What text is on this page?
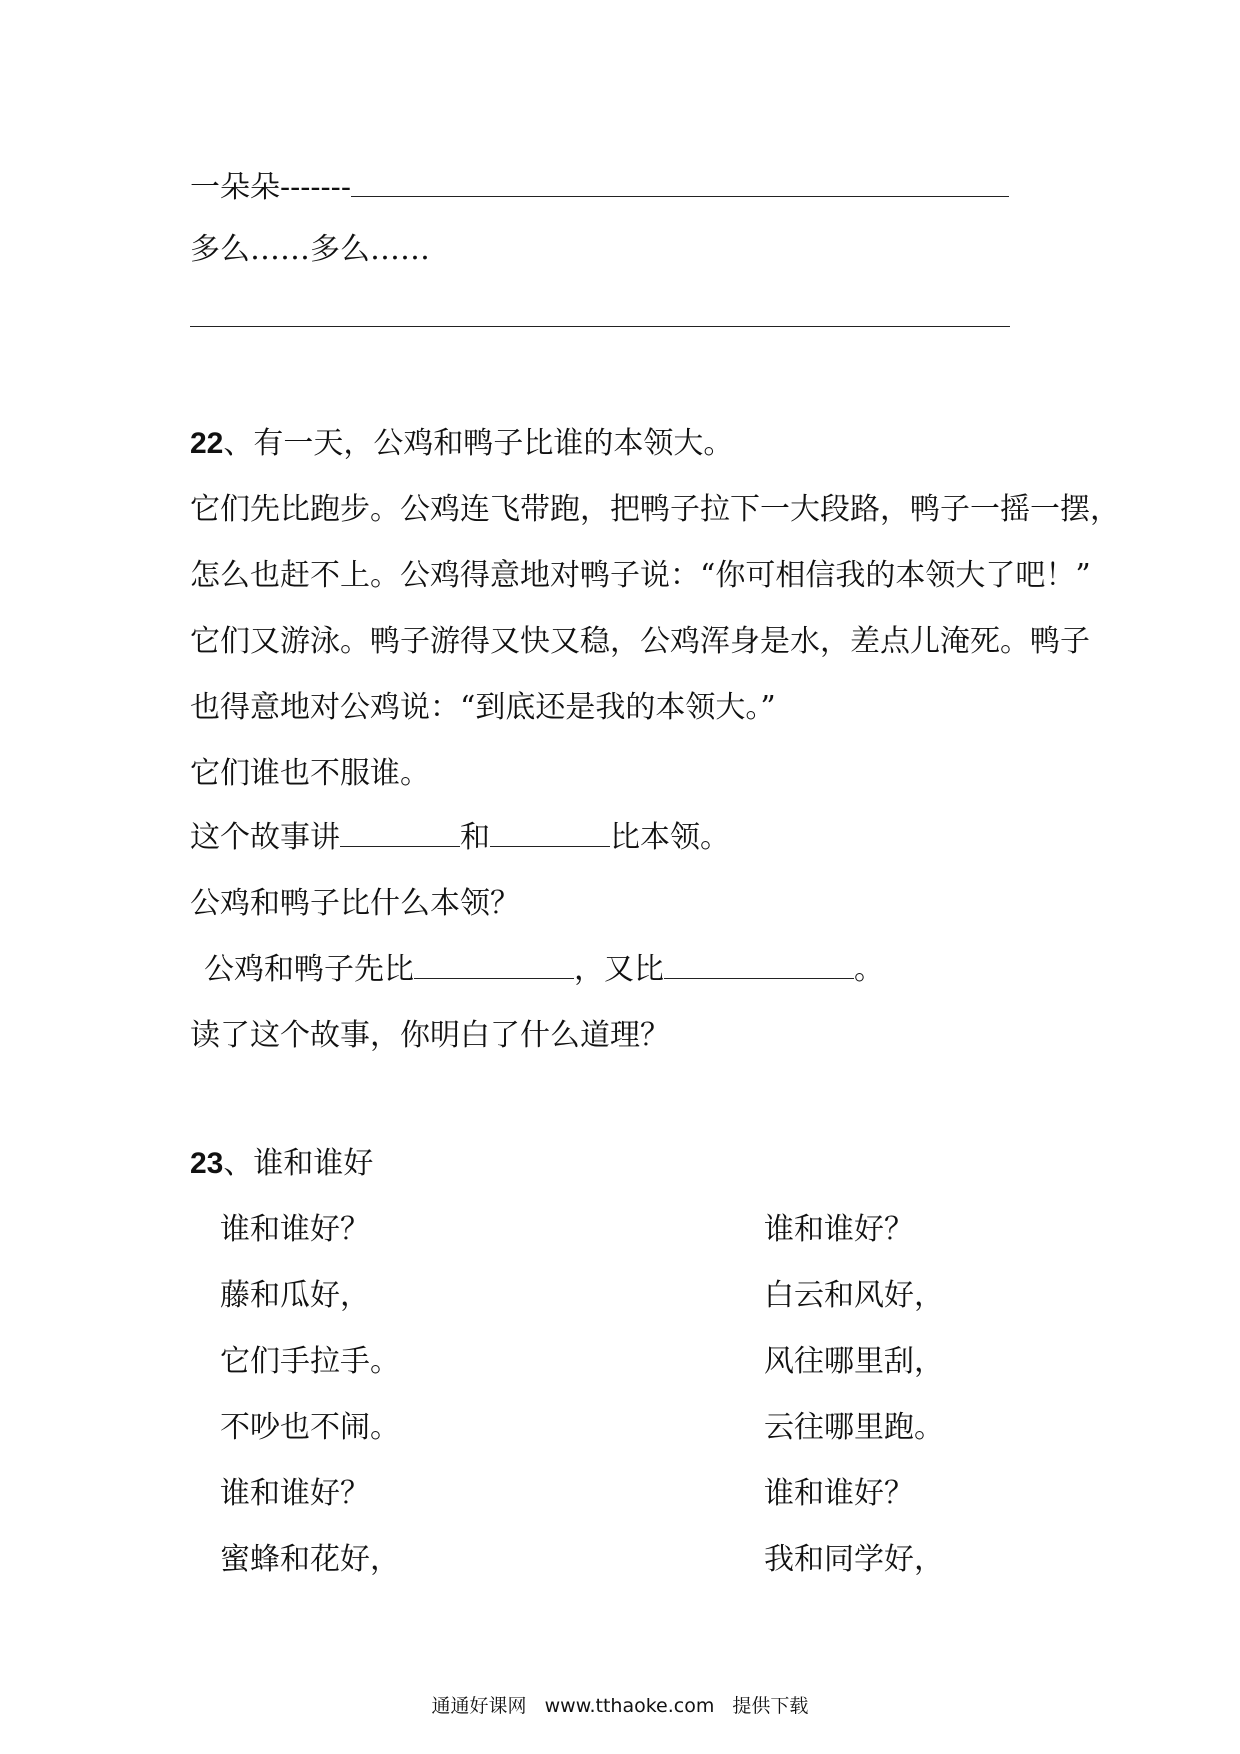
一朵朵-------

多么……多么……

22、有一天，公鸡和鸭子比谁的本领大。

它们先比跑步。公鸡连飞带跑，把鸭子拉下一大段路，鸭子一摇一摆，

怎么也赶不上。公鸡得意地对鸭子说：“你可相信我的本领大了吧！”

它们又游泳。鸭子游得又快又稳，公鸡浑身是水，差点儿淹死。鸭子

也得意地对公鸡说：“到底还是我的本领大。”

它们谁也不服谁。

这个故事讲	和	比本领。

公鸡和鸭子比什么本领？

公鸡和鸭子先比	，又比	。

读了这个故事，你明白了什么道理？

23、谁和谁好

谁和谁好？

藤和瓜好，

它们手拉手。

不吵也不闹。

谁和谁好？

蜜蜂和花好，

谁和谁好？

白云和风好，

风往哪里刮，

云往哪里跑。

谁和谁好？

我和同学好，

通通好课网 www.tthaoke.com 提供下载
